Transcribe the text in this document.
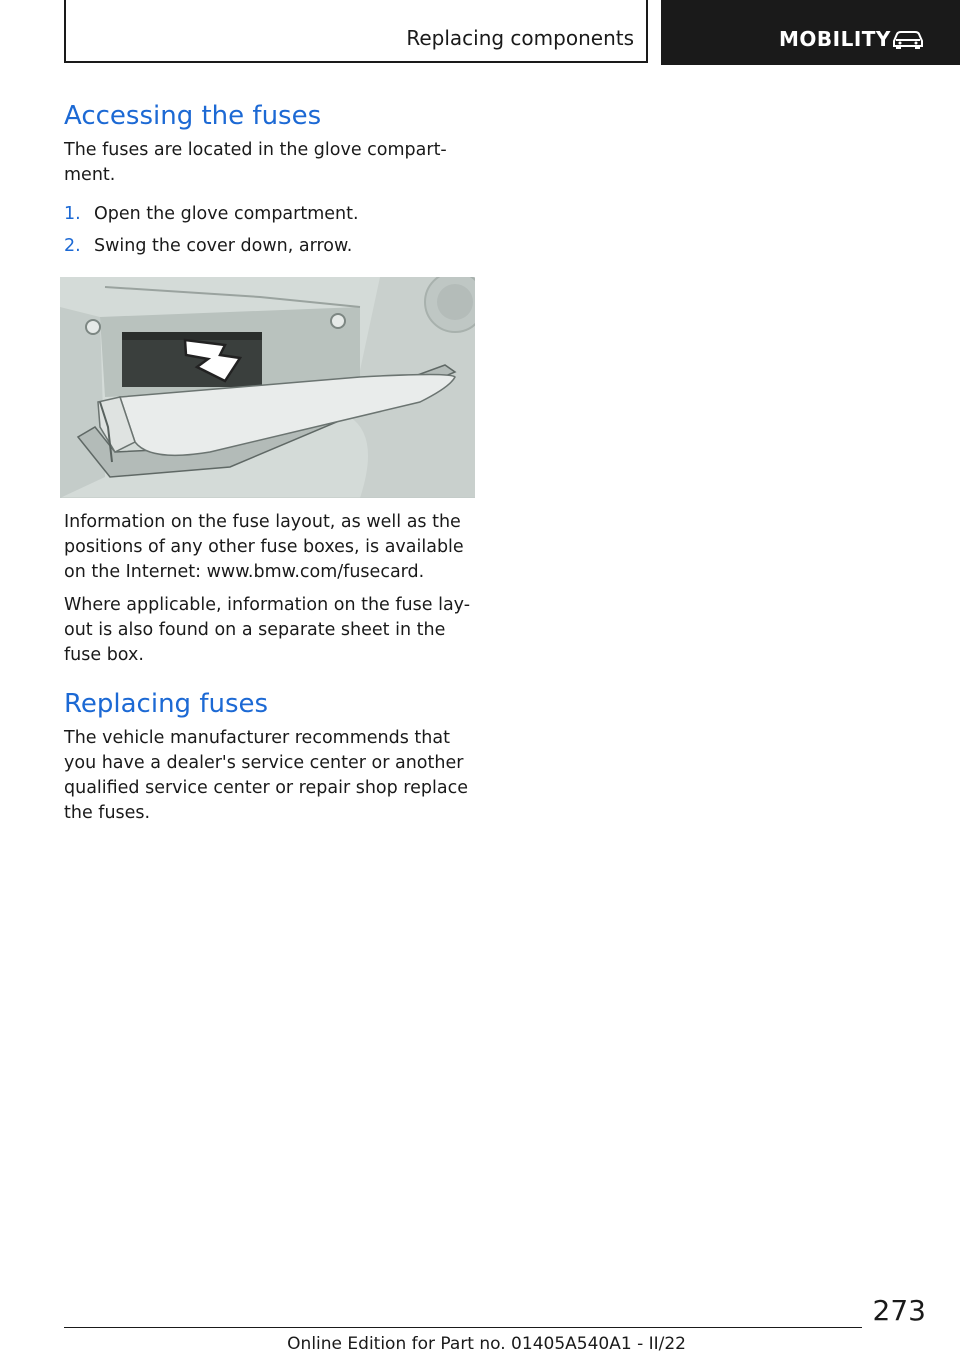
Replacing components	MOBILITY
Accessing the fuses

The fuses are located in the glove compart-ment.

1. Open the glove compartment.
2. Swing the cover down, arrow.

Information on the fuse layout, as well as the positions of any other fuse boxes, is available on the Internet: www.bmw.com/fusecard.

Where applicable, information on the fuse lay-out is also found on a separate sheet in the fuse box.

Replacing fuses

The vehicle manufacturer recommends that you have a dealer's service center or another qualified service center or repair shop replace the fuses.

273
Online Edition for Part no. 01405A540A1 - II/22
